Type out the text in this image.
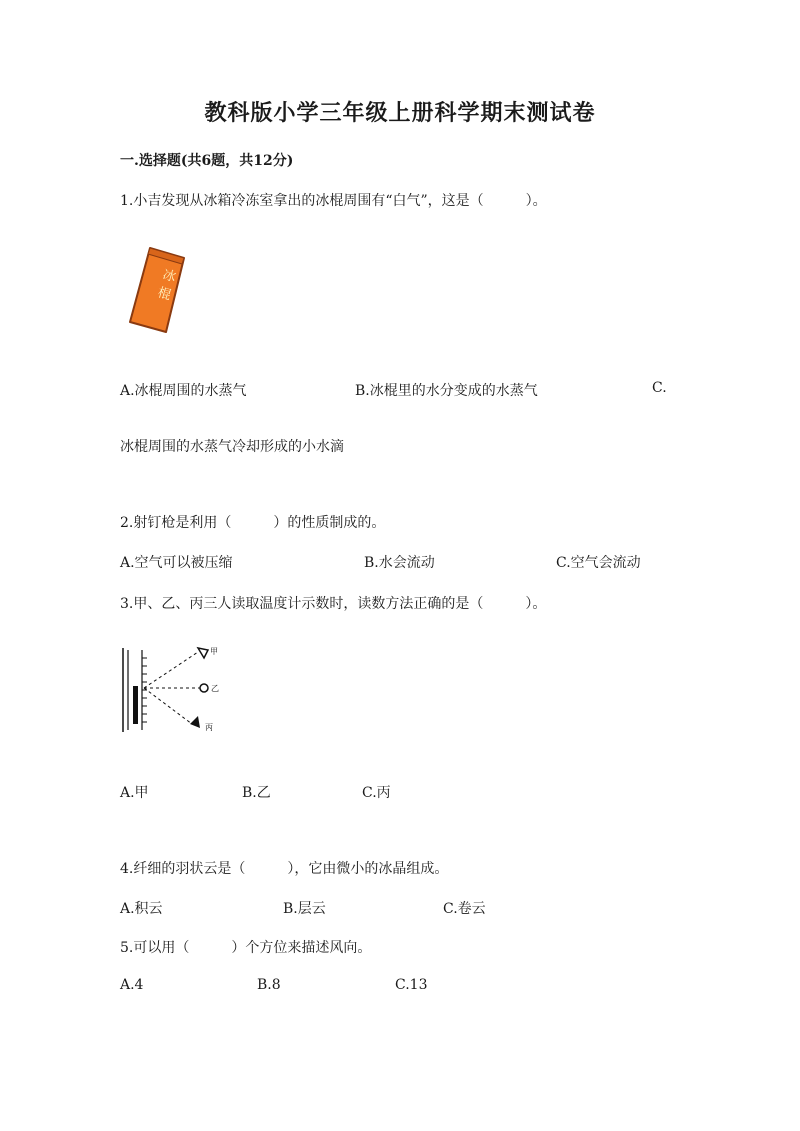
教科版小学三年级上册科学期末测试卷
一.选择题(共6题，共12分)
1.小吉发现从冰箱冷冻室拿出的冰棍周围有“白气”，这是（　　　）。
冰
棍
A.冰棍周围的水蒸气	B.冰棍里的水分变成的水蒸气	C.
冰棍周围的水蒸气冷却形成的小水滴
2.射钉枪是利用（　　　）的性质制成的。
A.空气可以被压缩	B.水会流动	C.空气会流动
3.甲、乙、丙三人读取温度计示数时，读数方法正确的是（　　　）。
甲
乙
丙
A.甲	B.乙	C.丙
4.纤细的羽状云是（　　　），它由微小的冰晶组成。
A.积云	B.层云	C.卷云
5.可以用（　　　）个方位来描述风向。
A.4	B.8	C.13
